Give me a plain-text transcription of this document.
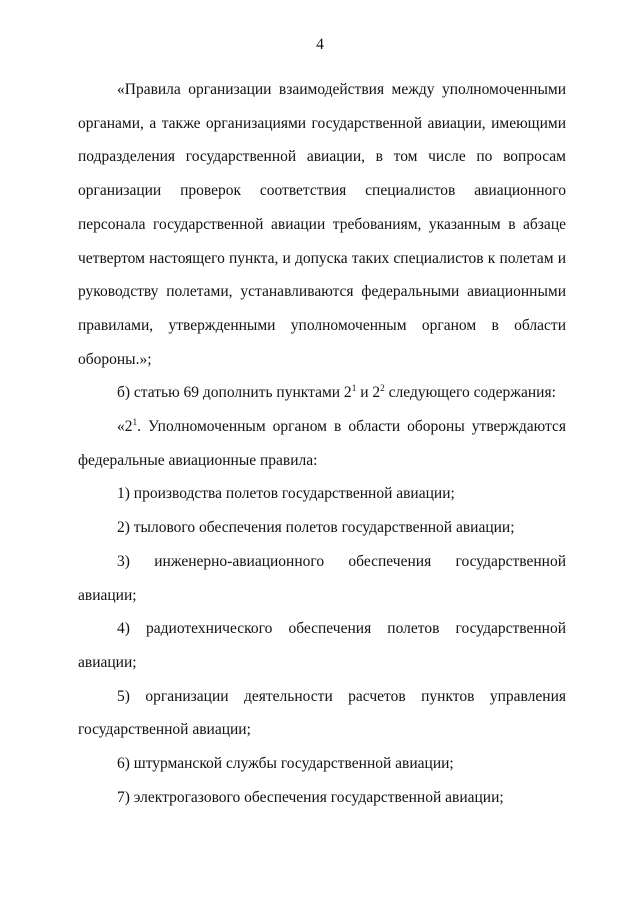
4

«Правила организации взаимодействия между уполномоченными органами, а также организациями государственной авиации, имеющими подразделения государственной авиации, в том числе по вопросам организации проверок соответствия специалистов авиационного персонала государственной авиации требованиям, указанным в абзаце четвертом настоящего пункта, и допуска таких специалистов к полетам и руководству полетами, устанавливаются федеральными авиационными правилами, утвержденными уполномоченным органом в области обороны.»;

б) статью 69 дополнить пунктами $2^1$ и $2^2$ следующего содержания:

«$2^1$. Уполномоченным органом в области обороны утверждаются федеральные авиационные правила:

1) производства полетов государственной авиации;

2) тылового обеспечения полетов государственной авиации;

3) инженерно-авиационного обеспечения государственной авиации;

4) радиотехнического обеспечения полетов государственной авиации;

5) организации деятельности расчетов пунктов управления государственной авиации;

6) штурманской службы государственной авиации;

7) электрогазового обеспечения государственной авиации;
